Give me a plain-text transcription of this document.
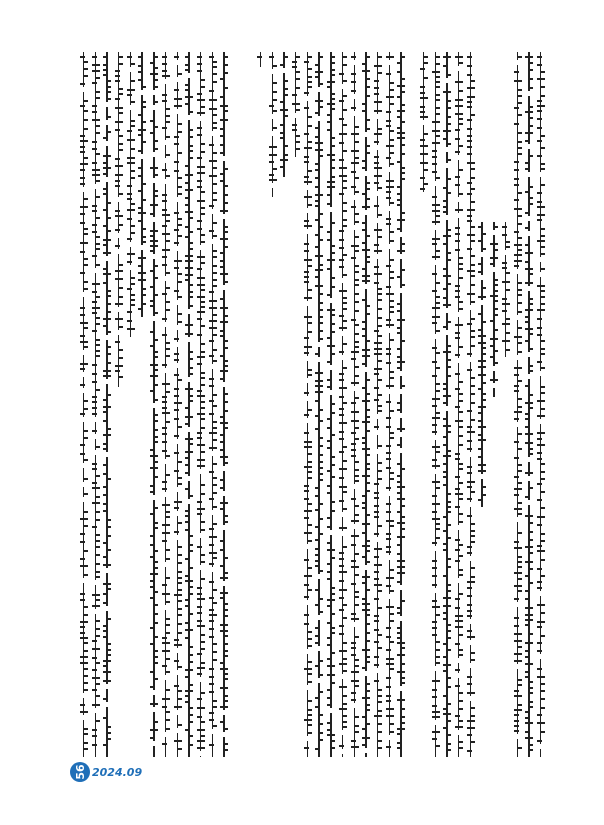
56 2024.09
